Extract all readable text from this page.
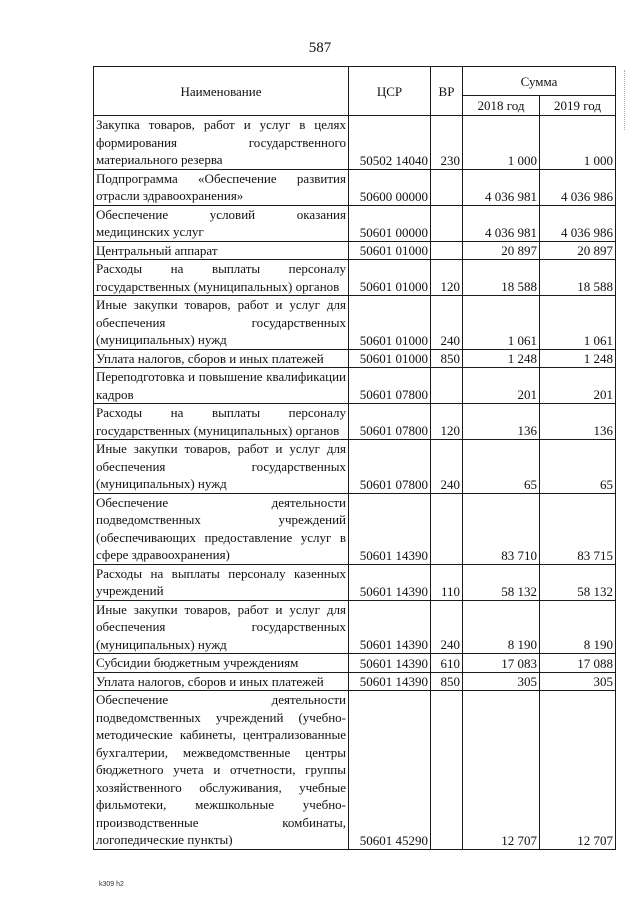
587
Наименование	ЦСР	ВР	Сумма	
			2018 год	2019 год
Закупка товаров, работ и услуг в целях формирования государственного материального резерва	50502 14040	230	1 000	1 000
Подпрограмма «Обеспечение развития отрасли здравоохранения»	50600 00000		4 036 981	4 036 986
Обеспечение условий оказания медицинских услуг	50601 00000		4 036 981	4 036 986
Центральный аппарат	50601 01000		20 897	20 897
Расходы на выплаты персоналу государственных (муниципальных) органов	50601 01000	120	18 588	18 588
Иные закупки товаров, работ и услуг для обеспечения государственных (муниципальных) нужд	50601 01000	240	1 061	1 061
Уплата налогов, сборов и иных платежей	50601 01000	850	1 248	1 248
Переподготовка и повышение квалификации кадров	50601 07800		201	201
Расходы на выплаты персоналу государственных (муниципальных) органов	50601 07800	120	136	136
Иные закупки товаров, работ и услуг для обеспечения государственных (муниципальных) нужд	50601 07800	240	65	65
Обеспечение деятельности подведомственных учреждений (обеспечивающих предоставление услуг в сфере здравоохранения)	50601 14390		83 710	83 715
Расходы на выплаты персоналу казенных учреждений	50601 14390	110	58 132	58 132
Иные закупки товаров, работ и услуг для обеспечения государственных (муниципальных) нужд	50601 14390	240	8 190	8 190
Субсидии бюджетным учреждениям	50601 14390	610	17 083	17 088
Уплата налогов, сборов и иных платежей	50601 14390	850	305	305
Обеспечение деятельности подведомственных учреждений (учебно-методические кабинеты, централизованные бухгалтерии, межведомственные центры бюджетного учета и отчетности, группы хозяйственного обслуживания, учебные фильмотеки, межшкольные учебно-производственные комбинаты, логопедические пункты)	50601 45290		12 707	12 707
k309 h2
